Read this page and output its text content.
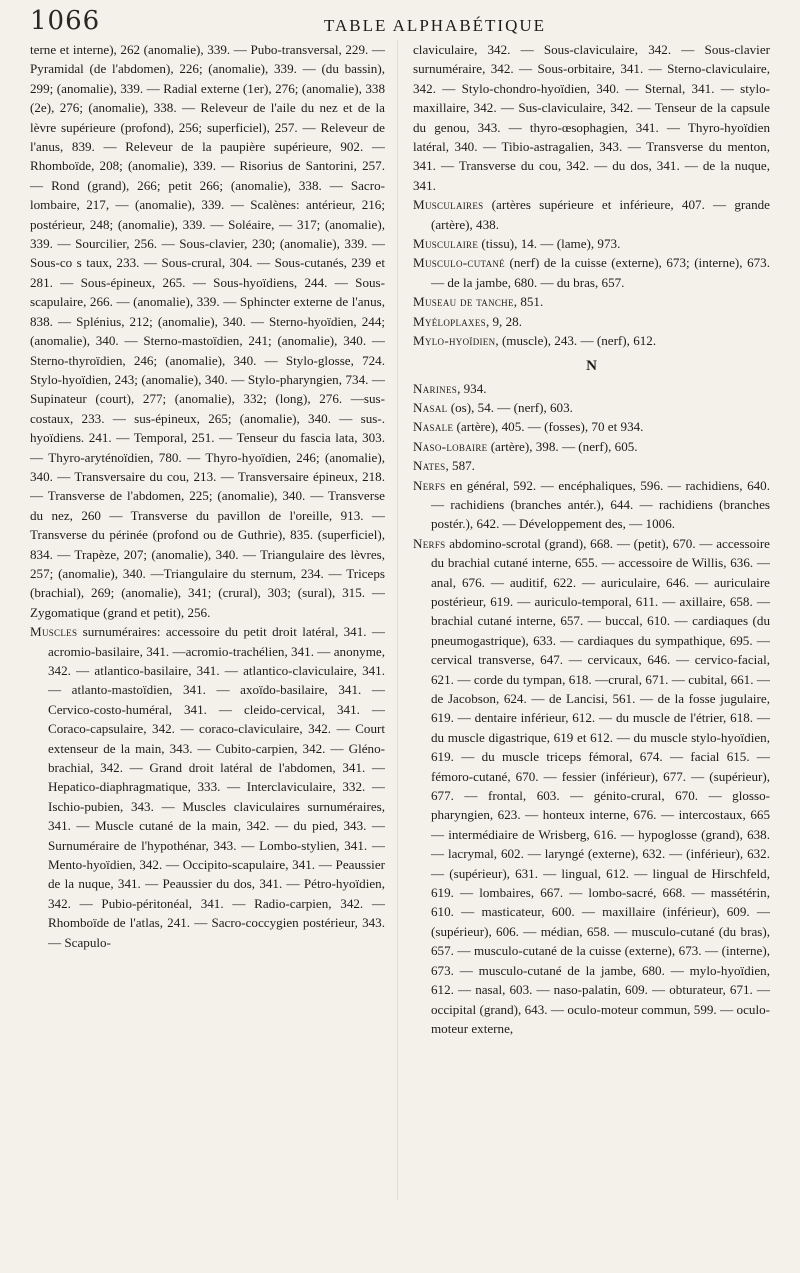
1066	TABLE ALPHABÉTIQUE

terne et interne), 262 (anomalie), 339. — Pubo-transversal, 229. — Pyramidal (de l'abdomen), 226; (anomalie), 339. — (du bassin), 299; (anomalie), 339. — Radial externe (1er), 276; (anomalie), 338 (2e), 276; (anomalie), 338. — Releveur de l'aile du nez et de la lèvre supérieure (profond), 256; superficiel), 257. — Releveur de l'anus, 839. — Releveur de la paupière supérieure, 902. — Rhomboïde, 208; (anomalie), 339. — Risorius de Santorini, 257. — Rond (grand), 266; petit 266; (anomalie), 338. — Sacro-lombaire, 217, — (anomalie), 339. — Scalènes: antérieur, 216; postérieur, 248; (anomalie), 339. — Soléaire, — 317; (anomalie), 339. — Sourcilier, 256. — Sous-clavier, 230; (anomalie), 339. — Sous-co s taux, 233. — Sous-crural, 304. — Sous-cutanés, 239 et 281. — Sous-épineux, 265. — Sous-hyoïdiens, 244. — Sous-scapulaire, 266. — (anomalie), 339. — Sphincter externe de l'anus, 838. — Splénius, 212; (anomalie), 340. — Sterno-hyoïdien, 244; (anomalie), 340. — Sterno-mastoïdien, 241; (anomalie), 340. — Sterno-thyroïdien, 246; (anomalie), 340. — Stylo-glosse, 724. Stylo-hyoïdien, 243; (anomalie), 340. — Stylo-pharyngien, 734. — Supinateur (court), 277; (anomalie), 332; (long), 276. —sus-costaux, 233. — sus-épineux, 265; (anomalie), 340. — sus-. hyoïdiens. 241. — Temporal, 251. — Tenseur du fascia lata, 303. — Thyro-aryténoïdien, 780. — Thyro-hyoïdien, 246; (anomalie), 340. — Transversaire du cou, 213. — Transversaire épineux, 218. — Transverse de l'abdomen, 225; (anomalie), 340. — Transverse du nez, 260 — Transverse du pavillon de l'oreille, 913. — Transverse du périnée (profond ou de Guthrie), 835. (superficiel), 834. — Trapèze, 207; (anomalie), 340. — Triangulaire des lèvres, 257; (anomalie), 340. —Triangulaire du sternum, 234. — Triceps (brachial), 269; (anomalie), 341; (crural), 303; (sural), 315. — Zygomatique (grand et petit), 256.

Muscles surnuméraires: accessoire du petit droit latéral, 341. — acromio-basilaire, 341. —acromio-trachélien, 341. — anonyme, 342. — atlantico-basilaire, 341. — atlantico-claviculaire, 341. — atlanto-mastoïdien, 341. — axoïdo-basilaire, 341. — Cervico-costo-huméral, 341. — cleido-cervical, 341. — Coraco-capsulaire, 342. — coraco-claviculaire, 342. — Court extenseur de la main, 343. — Cubito-carpien, 342. — Gléno-brachial, 342. — Grand droit latéral de l'abdomen, 341. — Hepatico-diaphragmatique, 333. — Interclaviculaire, 332. — Ischio-pubien, 343. — Muscles claviculaires surnuméraires, 341. — Muscle cutané de la main, 342. — du pied, 343. — Surnuméraire de l'hypothénar, 343. — Lombo-stylien, 341. — Mento-hyoïdien, 342. — Occipito-scapulaire, 341. — Peaussier de la nuque, 341. — Peaussier du dos, 341. — Pétro-hyoïdien, 342. — Pubio-péritonéal, 341. — Radio-carpien, 342. — Rhomboïde de l'atlas, 241. — Sacro-coccygien postérieur, 343. — Scapulo-

claviculaire, 342. — Sous-claviculaire, 342. — Sous-clavier surnuméraire, 342. — Sous-orbitaire, 341. — Sterno-claviculaire, 342. — Stylo-chondro-hyoïdien, 340. — Sternal, 341. — stylo-maxillaire, 342. — Sus-claviculaire, 342. — Tenseur de la capsule du genou, 343. — thyro-œsophagien, 341. — Thyro-hyoïdien latéral, 340. — Tibio-astragalien, 343. — Transverse du menton, 341. — Transverse du cou, 342. — du dos, 341. — de la nuque, 341.

Musculaires (artères supérieure et inférieure, 407. — grande (artère), 438.

Musculaire (tissu), 14. — (lame), 973.

Musculo-cutané (nerf) de la cuisse (externe), 673; (interne), 673. — de la jambe, 680. — du bras, 657.

Museau de tanche, 851.

Myéloplaxes, 9, 28.

Mylo-hyoïdien, (muscle), 243. — (nerf), 612.

N

Narines, 934.

Nasal (os), 54. — (nerf), 603.

Nasale (artère), 405. — (fosses), 70 et 934.

Naso-lobaire (artère), 398. — (nerf), 605.

Nates, 587.

Nerfs en général, 592. — encéphaliques, 596. — rachidiens, 640. — rachidiens (branches antér.), 644. — rachidiens (branches postér.), 642. — Développement des, — 1006.

Nerfs abdomino-scrotal (grand), 668. — (petit), 670. — accessoire du brachial cutané interne, 655. — accessoire de Willis, 636. — anal, 676. — auditif, 622. — auriculaire, 646. — auriculaire postérieur, 619. — auriculo-temporal, 611. — axillaire, 658. — brachial cutané interne, 657. — buccal, 610. — cardiaques (du pneumogastrique), 633. — cardiaques du sympathique, 695. — cervical transverse, 647. — cervicaux, 646. — cervico-facial, 621. — corde du tympan, 618. —crural, 671. — cubital, 661. — de Jacobson, 624. — de Lancisi, 561. — de la fosse jugulaire, 619. — dentaire inférieur, 612. — du muscle de l'étrier, 618. — du muscle digastrique, 619 et 612. — du muscle stylo-hyoïdien, 619. — du muscle triceps fémoral, 674. — facial 615. — fémoro-cutané, 670. — fessier (inférieur), 677. — (supérieur), 677. — frontal, 603. — génito-crural, 670. — glosso-pharyngien, 623. — honteux interne, 676. — intercostaux, 665 — intermédiaire de Wrisberg, 616. — hypoglosse (grand), 638. — lacrymal, 602. — laryngé (externe), 632. — (inférieur), 632. — (supérieur), 631. — lingual, 612. — lingual de Hirschfeld, 619. — lombaires, 667. — lombo-sacré, 668. — massétérin, 610. — masticateur, 600. — maxillaire (inférieur), 609. — (supérieur), 606. — médian, 658. — musculo-cutané (du bras), 657. — musculo-cutané de la cuisse (externe), 673. — (interne), 673. — musculo-cutané de la jambe, 680. — mylo-hyoïdien, 612. — nasal, 603. — naso-palatin, 609. — obturateur, 671. — occipital (grand), 643. — oculo-moteur commun, 599. — oculo-moteur externe,
